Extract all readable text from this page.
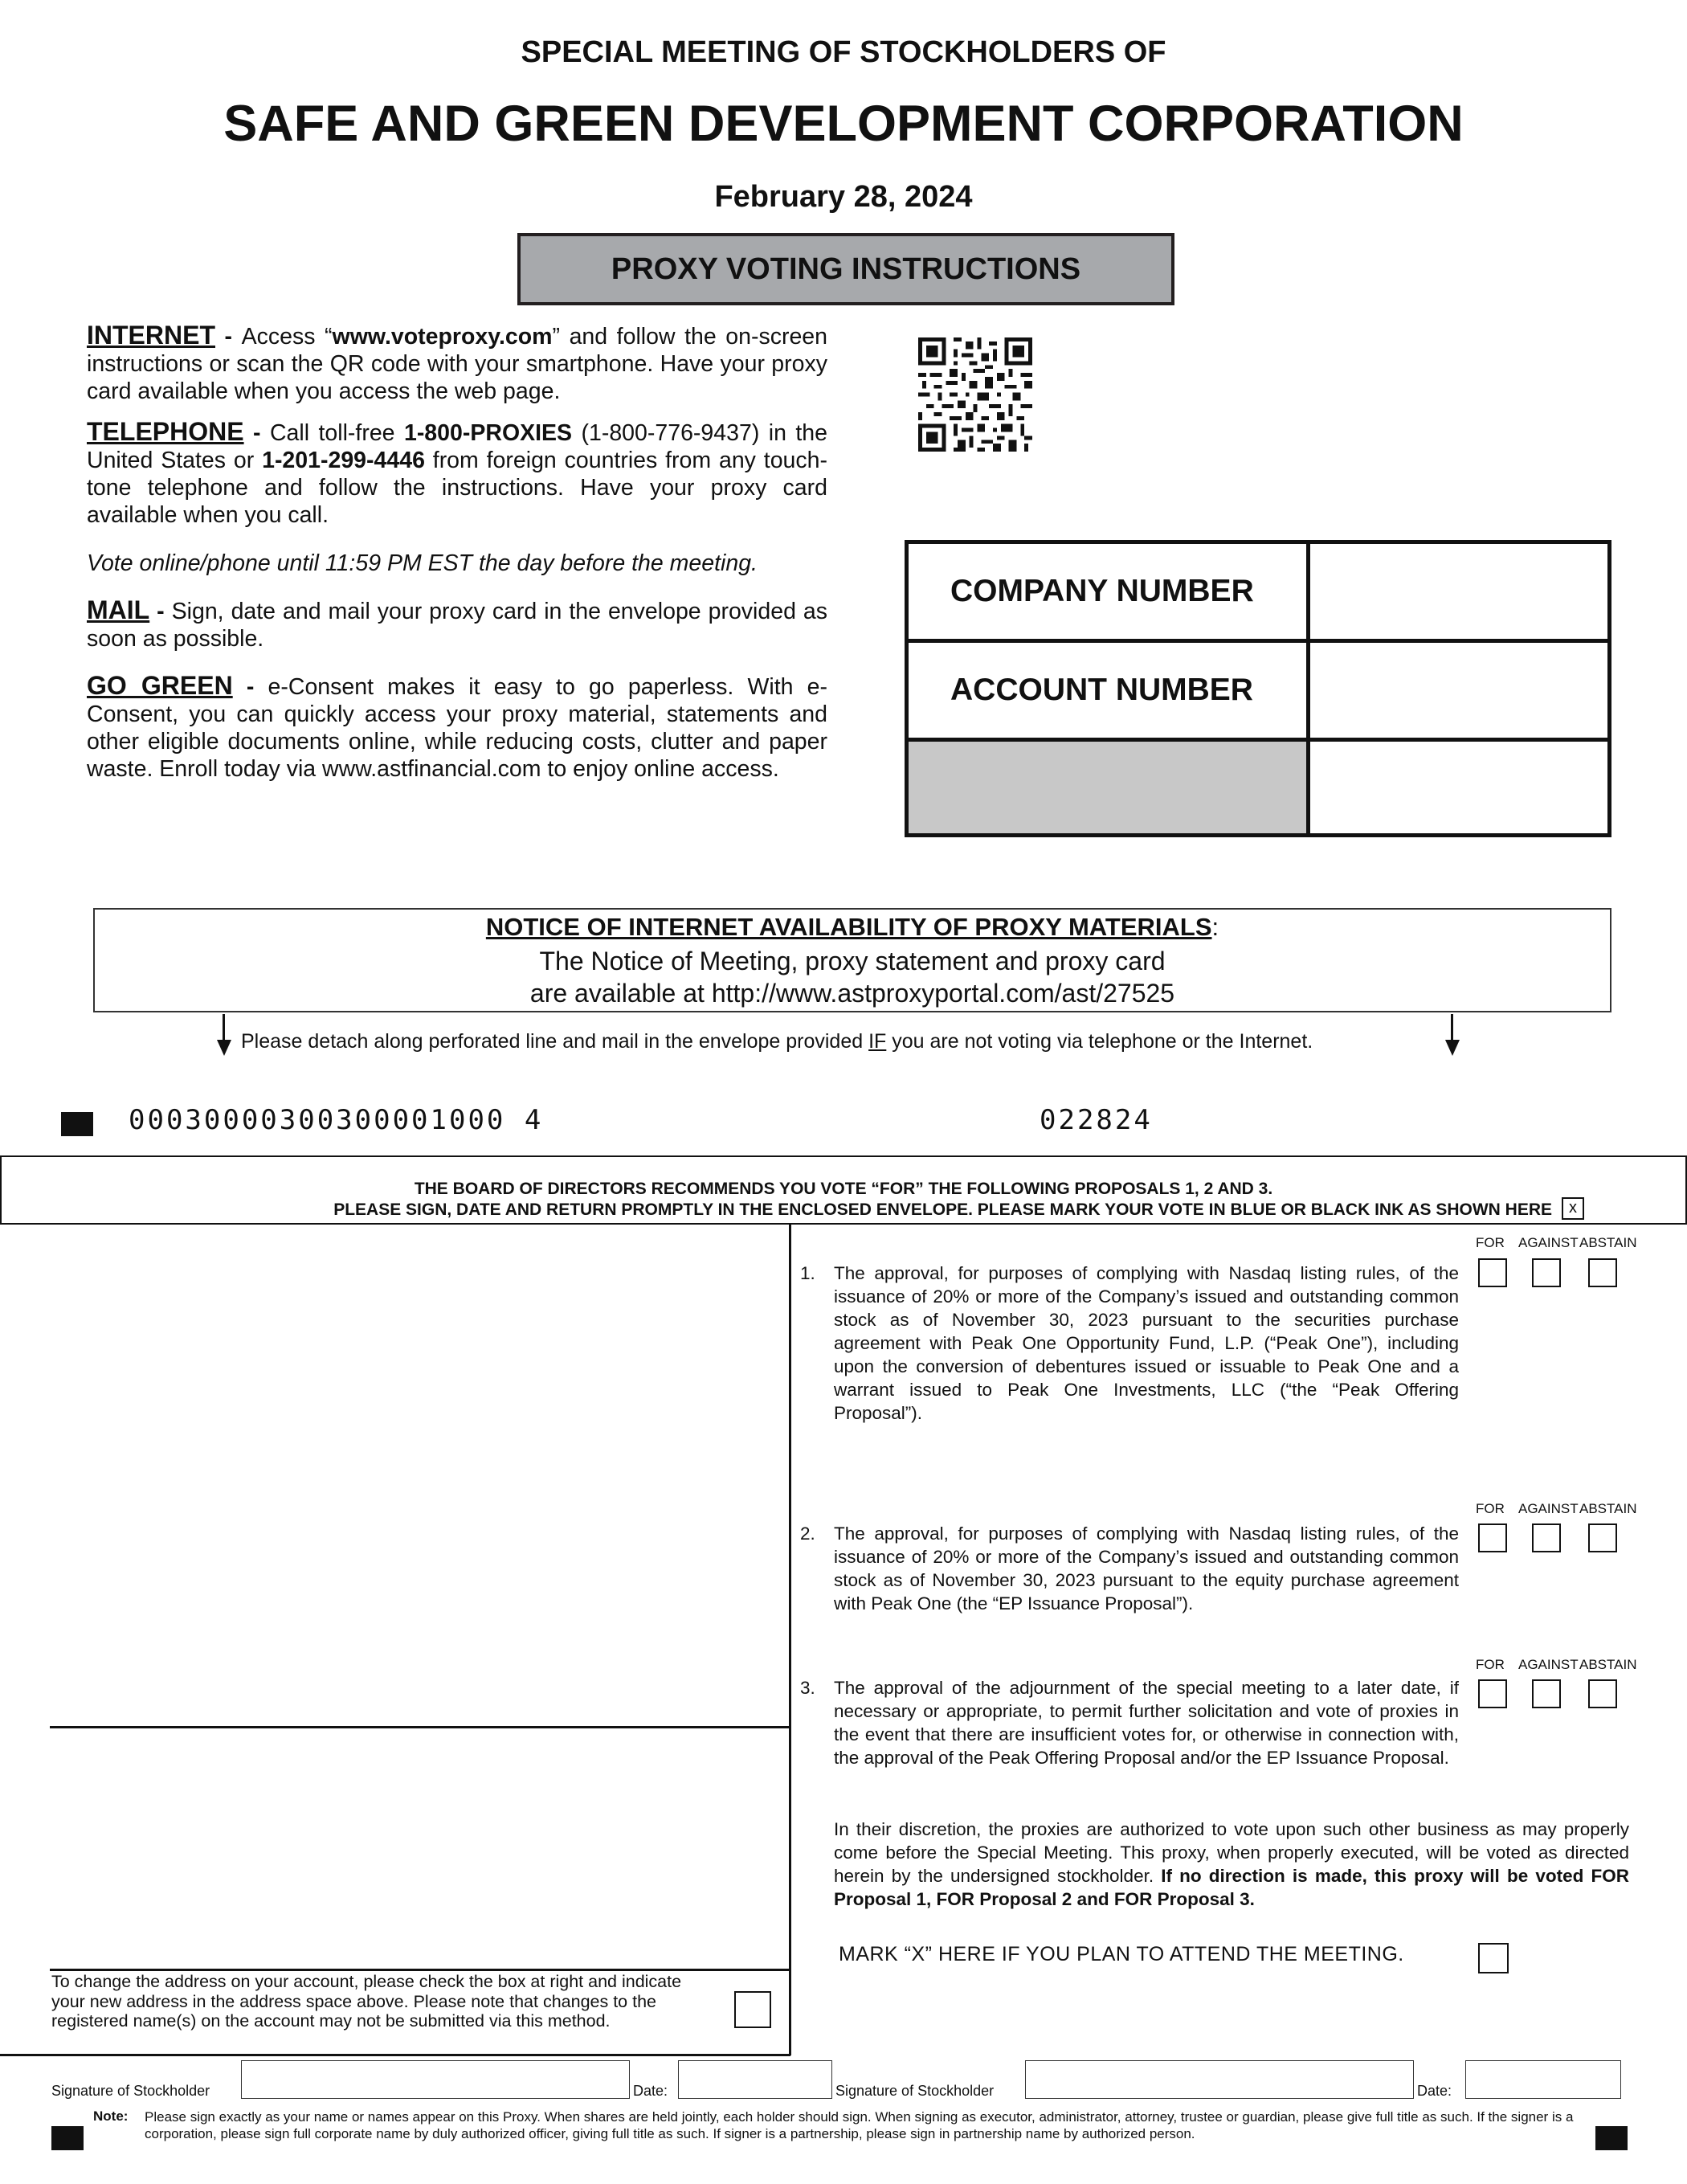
SPECIAL MEETING OF STOCKHOLDERS OF
SAFE AND GREEN DEVELOPMENT CORPORATION
February 28, 2024
PROXY VOTING INSTRUCTIONS
INTERNET - Access “www.voteproxy.com” and follow the on-screen instructions or scan the QR code with your smartphone. Have your proxy card available when you access the web page.
TELEPHONE - Call toll-free 1-800-PROXIES (1-800-776-9437) in the United States or 1-201-299-4446 from foreign countries from any touch-tone telephone and follow the instructions. Have your proxy card available when you call.
Vote online/phone until 11:59 PM EST the day before the meeting.
MAIL - Sign, date and mail your proxy card in the envelope provided as soon as possible.
GO GREEN - e-Consent makes it easy to go paperless. With e-Consent, you can quickly access your proxy material, statements and other eligible documents online, while reducing costs, clutter and paper waste. Enroll today via www.astfinancial.com to enjoy online access.
COMPANY NUMBER
ACCOUNT NUMBER
NOTICE OF INTERNET AVAILABILITY OF PROXY MATERIALS:
The Notice of Meeting, proxy statement and proxy card
are available at http://www.astproxyportal.com/ast/27525
Please detach along perforated line and mail in the envelope provided IF you are not voting via telephone or the Internet.
00030000300300001000 4	022824
THE BOARD OF DIRECTORS RECOMMENDS YOU VOTE “FOR” THE FOLLOWING PROPOSALS 1, 2 AND 3.
PLEASE SIGN, DATE AND RETURN PROMPTLY IN THE ENCLOSED ENVELOPE. PLEASE MARK YOUR VOTE IN BLUE OR BLACK INK AS SHOWN HERE	x
FOR AGAINST ABSTAIN
1. The approval, for purposes of complying with Nasdaq listing rules, of the issuance of 20% or more of the Company’s issued and outstanding common stock as of November 30, 2023 pursuant to the securities purchase agreement with Peak One Opportunity Fund, L.P. (“Peak One”), including upon the conversion of debentures issued or issuable to Peak One and a warrant issued to Peak One Investments, LLC (“the “Peak Offering Proposal”).
FOR AGAINST ABSTAIN
2. The approval, for purposes of complying with Nasdaq listing rules, of the issuance of 20% or more of the Company’s issued and outstanding common stock as of November 30, 2023 pursuant to the equity purchase agreement with Peak One (the “EP Issuance Proposal”).
FOR AGAINST ABSTAIN
3. The approval of the adjournment of the special meeting to a later date, if necessary or appropriate, to permit further solicitation and vote of proxies in the event that there are insufficient votes for, or otherwise in connection with, the approval of the Peak Offering Proposal and/or the EP Issuance Proposal.
In their discretion, the proxies are authorized to vote upon such other business as may properly come before the Special Meeting. This proxy, when properly executed, will be voted as directed herein by the undersigned stockholder. If no direction is made, this proxy will be voted FOR Proposal 1, FOR Proposal 2 and FOR Proposal 3.
MARK “X” HERE IF YOU PLAN TO ATTEND THE MEETING.
To change the address on your account, please check the box at right and indicate your new address in the address space above. Please note that changes to the registered name(s) on the account may not be submitted via this method.
Signature of Stockholder	Date:	Signature of Stockholder	Date:
Note: Please sign exactly as your name or names appear on this Proxy. When shares are held jointly, each holder should sign. When signing as executor, administrator, attorney, trustee or guardian, please give full title as such. If the signer is a corporation, please sign full corporate name by duly authorized officer, giving full title as such. If signer is a partnership, please sign in partnership name by authorized person.
